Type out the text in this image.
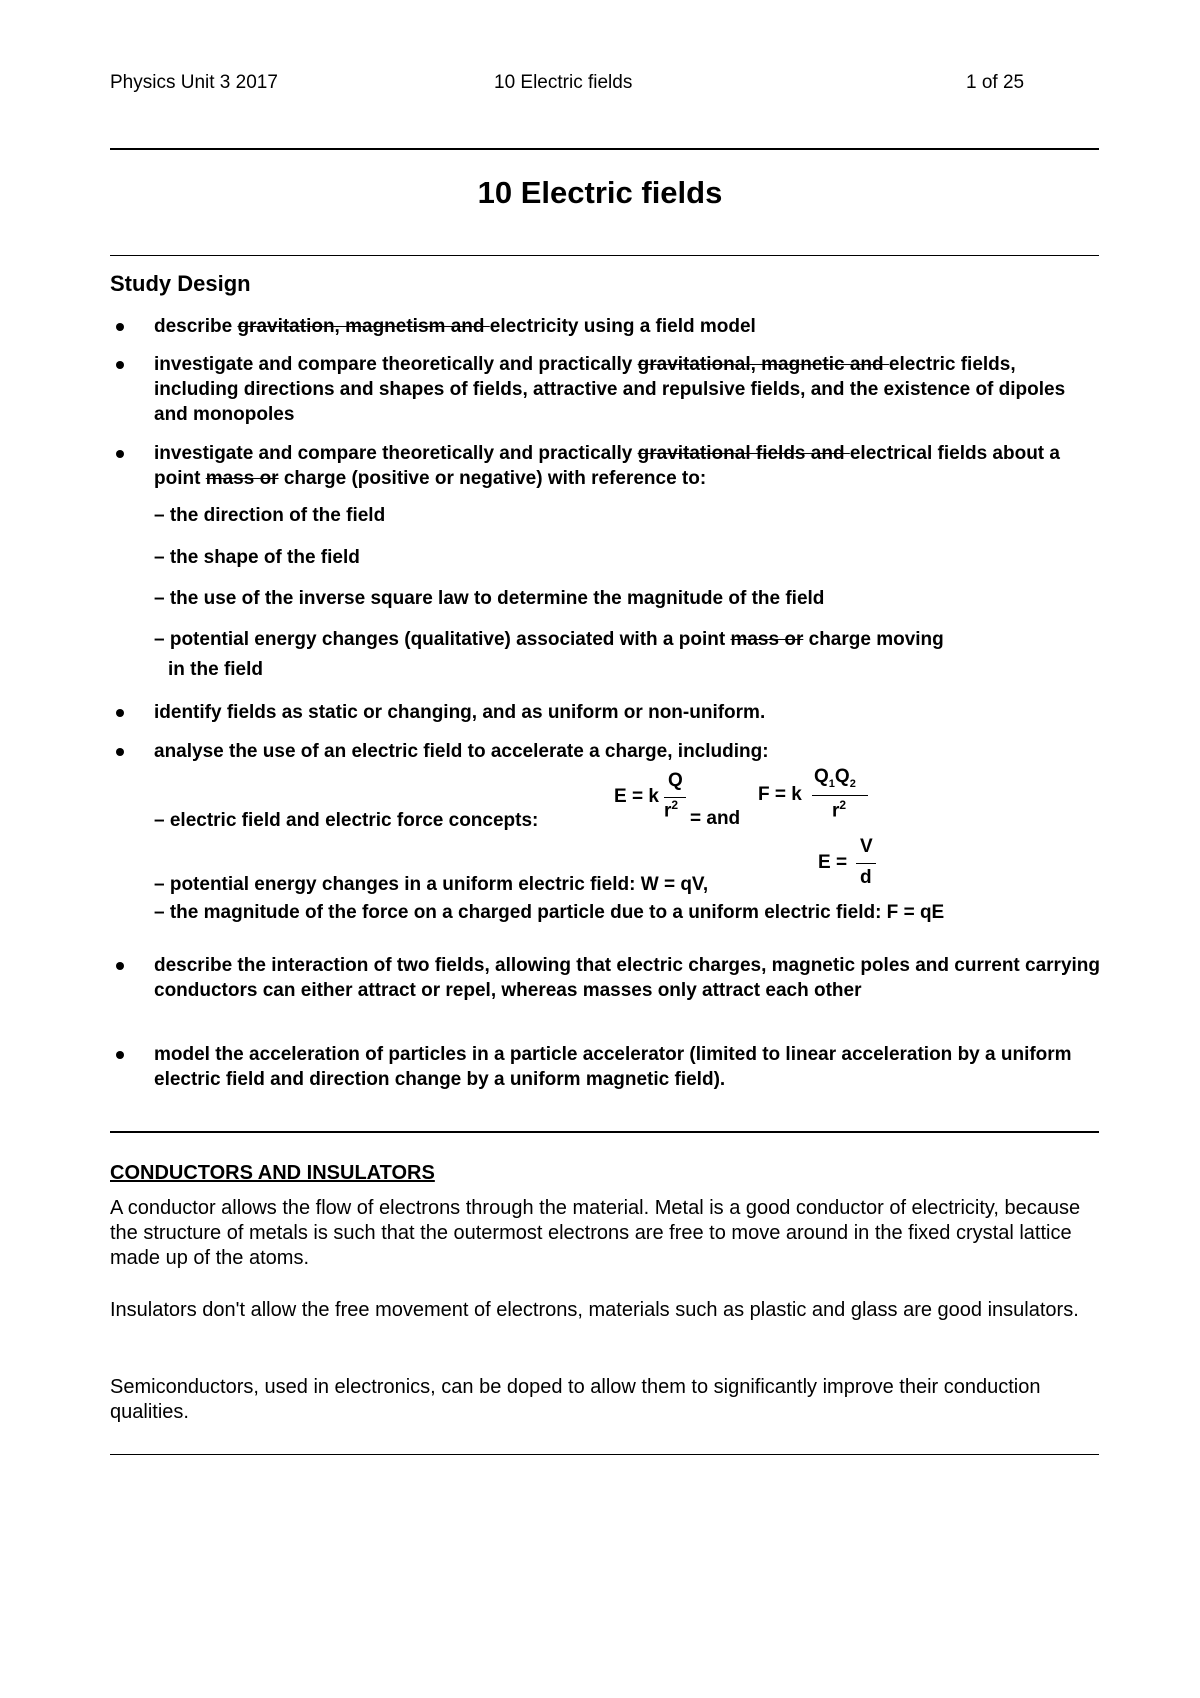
Physics Unit 3 2017	10 Electric fields	1 of 25
10 Electric fields
Study Design
describe gravitation, magnetism and electricity using a field model
investigate and compare theoretically and practically gravitational, magnetic and electric fields, including directions and shapes of fields, attractive and repulsive fields, and the existence of dipoles and monopoles
investigate and compare theoretically and practically gravitational fields and electrical fields about a point mass or charge (positive or negative) with reference to:
– the direction of the field
– the shape of the field
– the use of the inverse square law to determine the magnitude of the field
– potential energy changes (qualitative) associated with a point mass or charge moving
in the field
identify fields as static or changing, and as uniform or non-uniform.
analyse the use of an electric field to accelerate a charge, including:
E = k
Q
$r^2$
– electric field and electric force concepts:	= and
F = k
$Q_1Q_2$
$r^2$
E =
V
d
– potential energy changes in a uniform electric field: W = qV,
– the magnitude of the force on a charged particle due to a uniform electric field: F = qE
describe the interaction of two fields, allowing that electric charges, magnetic poles and current carrying conductors can either attract or repel, whereas masses only attract each other
model the acceleration of particles in a particle accelerator (limited to linear acceleration by a uniform electric field and direction change by a uniform magnetic field).
CONDUCTORS AND INSULATORS
A conductor allows the flow of electrons through the material. Metal is a good conductor of electricity, because the structure of metals is such that the outermost electrons are free to move around in the fixed crystal lattice made up of the atoms.
Insulators don't allow the free movement of electrons, materials such as plastic and glass are good insulators.
Semiconductors, used in electronics, can be doped to allow them to significantly improve their conduction qualities.
